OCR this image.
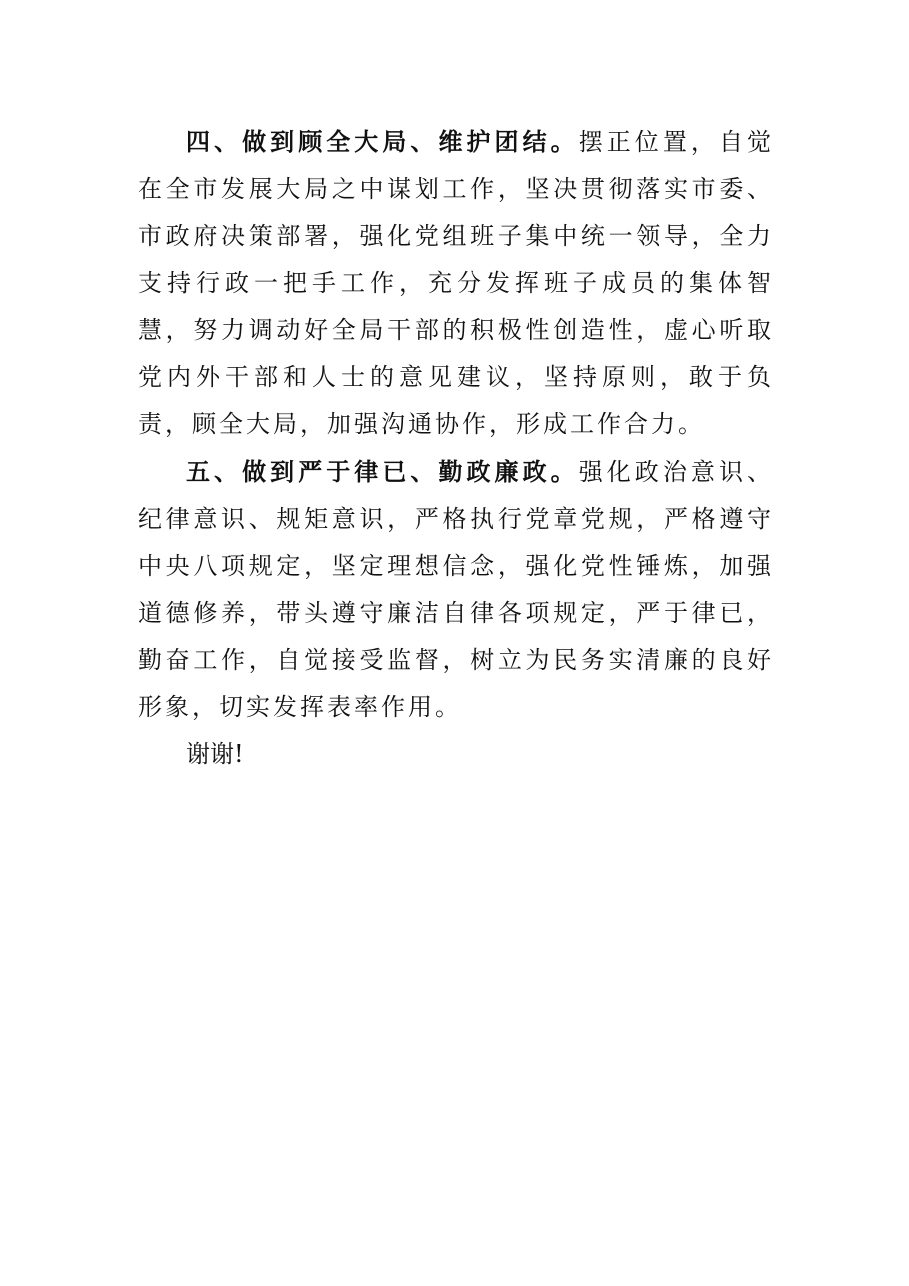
四、做到顾全大局、维护团结。摆正位置，自觉在全市发展大局之中谋划工作，坚决贯彻落实市委、市政府决策部署，强化党组班子集中统一领导，全力支持行政一把手工作，充分发挥班子成员的集体智慧，努力调动好全局干部的积极性创造性，虚心听取党内外干部和人士的意见建议，坚持原则，敢于负责，顾全大局，加强沟通协作，形成工作合力。

五、做到严于律已、勤政廉政。强化政治意识、纪律意识、规矩意识，严格执行党章党规，严格遵守中央八项规定，坚定理想信念，强化党性锤炼，加强道德修养，带头遵守廉洁自律各项规定，严于律已，勤奋工作，自觉接受监督，树立为民务实清廉的良好形象，切实发挥表率作用。

谢谢!
